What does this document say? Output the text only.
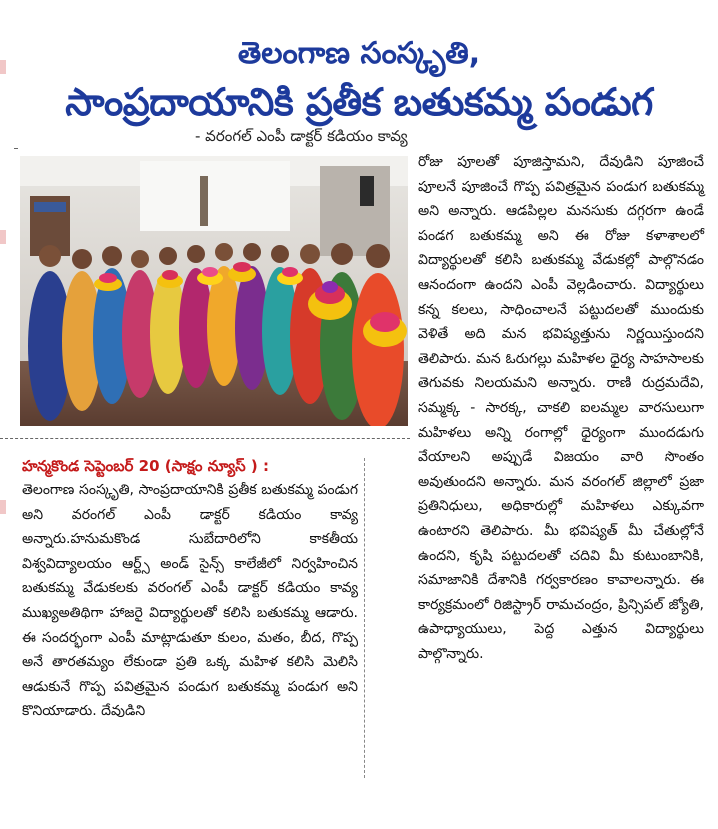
తెలంగాణ సంస్కృతి,
సాంప్రదాయానికి ప్రతీక బతుకమ్మ పండుగ
- వరంగల్ ఎంపీ డాక్టర్ కడియం కావ్య

రోజు పూలతో పూజిస్తామని, దేవుడిని పూజించే పూలనే పూజించే గొప్ప పవిత్రమైన పండుగ బతుకమ్మ అని అన్నారు. ఆడపిల్లల మనసుకు దగ్గరగా ఉండే పండగ బతుకమ్మ అని ఈ రోజు కళాశాలలో విద్యార్థులతో కలిసి బతుకమ్మ వేడుకల్లో పాల్గొనడం ఆనందంగా ఉందని ఎంపీ వెల్లడించారు. విద్యార్థులు కన్న కలలు, సాధించాలనే పట్టుదలతో ముందుకు వెళితే అది మన భవిష్యత్తును నిర్ణయిస్తుందని తెలిపారు. మన ఓరుగల్లు మహిళల ధైర్య సాహసాలకు తెగువకు నిలయమని అన్నారు. రాణి రుద్రమదేవి, సమ్మక్క - సారక్క, చాకలి ఐలమ్మల వారసులుగా మహిళలు అన్ని రంగాల్లో ధైర్యంగా ముందడుగు వేయాలని అప్పుడే విజయం వారి సొంతం అవుతుందని అన్నారు. మన వరంగల్ జిల్లాలో ప్రజా ప్రతినిధులు, అధికారుల్లో మహిళలు ఎక్కువగా ఉంటారని తెలిపారు. మీ భవిష్యత్ మీ చేతుల్లోనే ఉందని, కృషి పట్టుదలతో చదివి మీ కుటుంబానికి, సమాజానికి దేశానికి గర్వకారణం కావాలన్నారు. ఈ కార్యక్రమంలో రిజిస్ట్రార్ రామచంద్రం, ప్రిన్సిపల్ జ్యోతి, ఉపాధ్యాయులు, పెద్ద ఎత్తున విద్యార్థులు పాల్గొన్నారు.

హన్మకొండ సెప్టెంబర్ 20 (సాక్షం న్యూస్ ) :

తెలంగాణ సంస్కృతి, సాంప్రదాయానికి ప్రతీక బతుకమ్మ పండుగ అని వరంగల్ ఎంపీ డాక్టర్ కడియం కావ్య అన్నారు.హనుమకొండ సుబేదారిలోని కాకతీయ విశ్వవిద్యాలయం ఆర్ట్స్ అండ్ సైన్స్ కాలేజీలో నిర్వహించిన బతుకమ్మ వేడుకలకు వరంగల్ ఎంపీ డాక్టర్ కడియం కావ్య ముఖ్యఅతిథిగా హాజరై విద్యార్థులతో కలిసి బతుకమ్మ ఆడారు. ఈ సందర్భంగా ఎంపీ మాట్లాడుతూ కులం, మతం, బీద, గొప్ప అనే తారతమ్యం లేకుండా ప్రతి ఒక్క మహిళ కలిసి మెలిసి ఆడుకునే గొప్ప పవిత్రమైన పండుగ బతుకమ్మ పండుగ అని కొనియాడారు. దేవుడిని
